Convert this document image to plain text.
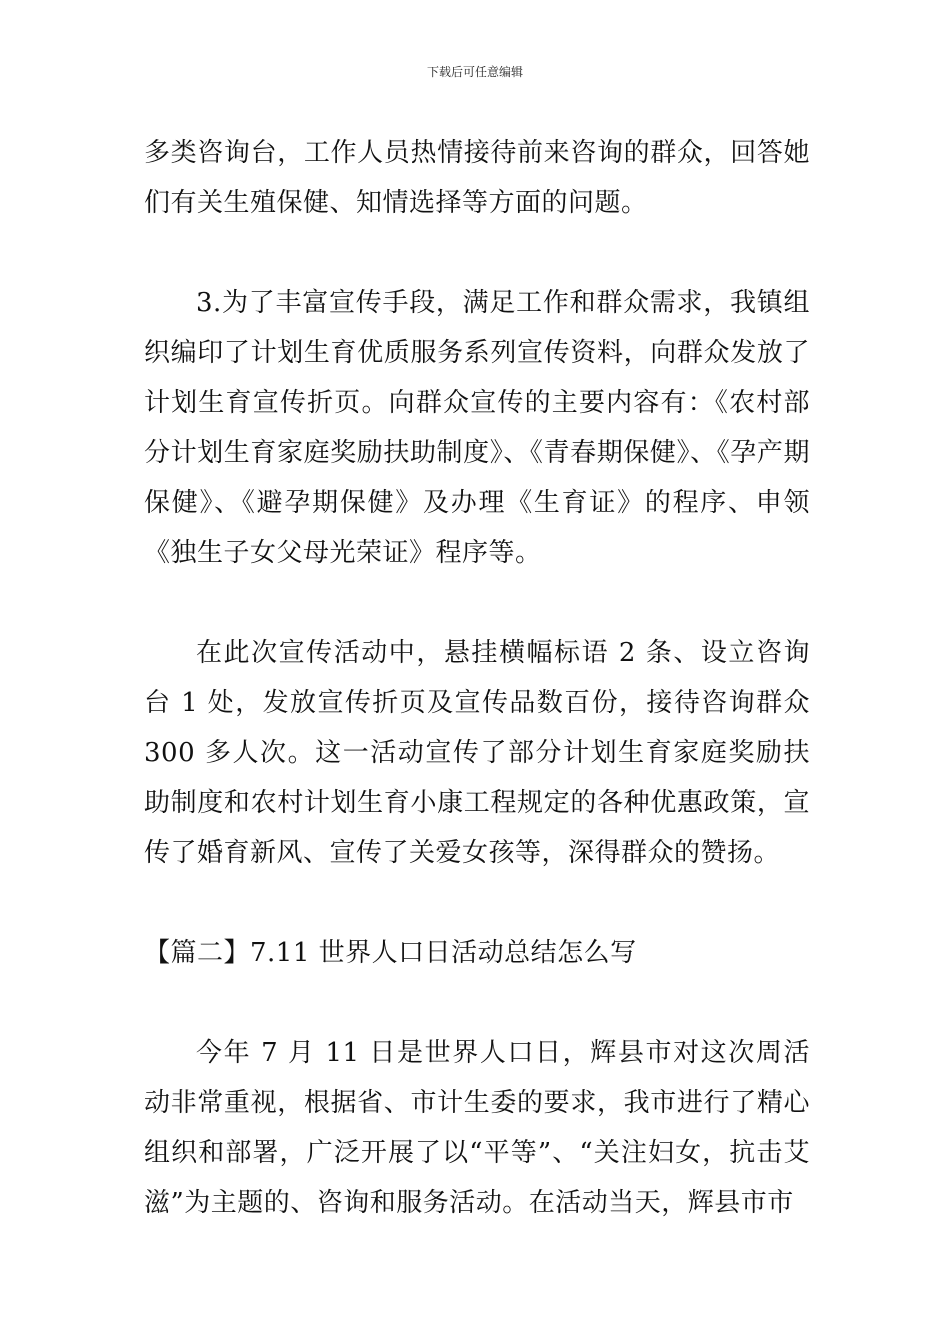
下载后可任意编辑

多类咨询台，工作人员热情接待前来咨询的群众，回答她们有关生殖保健、知情选择等方面的问题。

3.为了丰富宣传手段，满足工作和群众需求，我镇组织编印了计划生育优质服务系列宣传资料，向群众发放了计划生育宣传折页。向群众宣传的主要内容有：《农村部分计划生育家庭奖励扶助制度》、《青春期保健》、《孕产期保健》、《避孕期保健》及办理《生育证》的程序、申领《独生子女父母光荣证》程序等。

在此次宣传活动中，悬挂横幅标语 2 条、设立咨询台 1 处，发放宣传折页及宣传品数百份，接待咨询群众 300 多人次。这一活动宣传了部分计划生育家庭奖励扶助制度和农村计划生育小康工程规定的各种优惠政策，宣传了婚育新风、宣传了关爱女孩等，深得群众的赞扬。

【篇二】7.11 世界人口日活动总结怎么写

今年 7 月 11 日是世界人口日，辉县市对这次周活动非常重视，根据省、市计生委的要求，我市进行了精心组织和部署，广泛开展了以“平等”、“关注妇女，抗击艾滋”为主题的、咨询和服务活动。在活动当天，辉县市市
